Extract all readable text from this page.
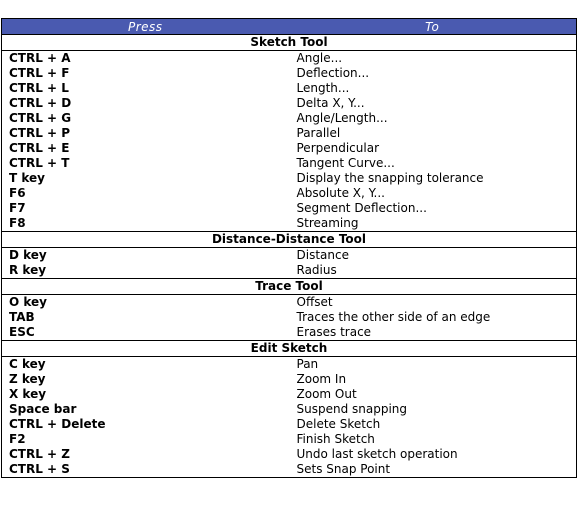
Press	To
Sketch Tool	
CTRL + A	Angle...
CTRL + F	Deflection...
CTRL + L	Length...
CTRL + D	Delta X, Y...
CTRL + G	Angle/Length...
CTRL + P	Parallel
CTRL + E	Perpendicular
CTRL + T	Tangent Curve...
T key	Display the snapping tolerance
F6	Absolute X, Y...
F7	Segment Deflection...
F8	Streaming
Distance-Distance Tool	
D key	Distance
R key	Radius
Trace Tool	
O key	Offset
TAB	Traces the other side of an edge
ESC	Erases trace
Edit Sketch	
C key	Pan
Z key	Zoom In
X key	Zoom Out
Space bar	Suspend snapping
CTRL + Delete	Delete Sketch
F2	Finish Sketch
CTRL + Z	Undo last sketch operation
CTRL + S	Sets Snap Point
